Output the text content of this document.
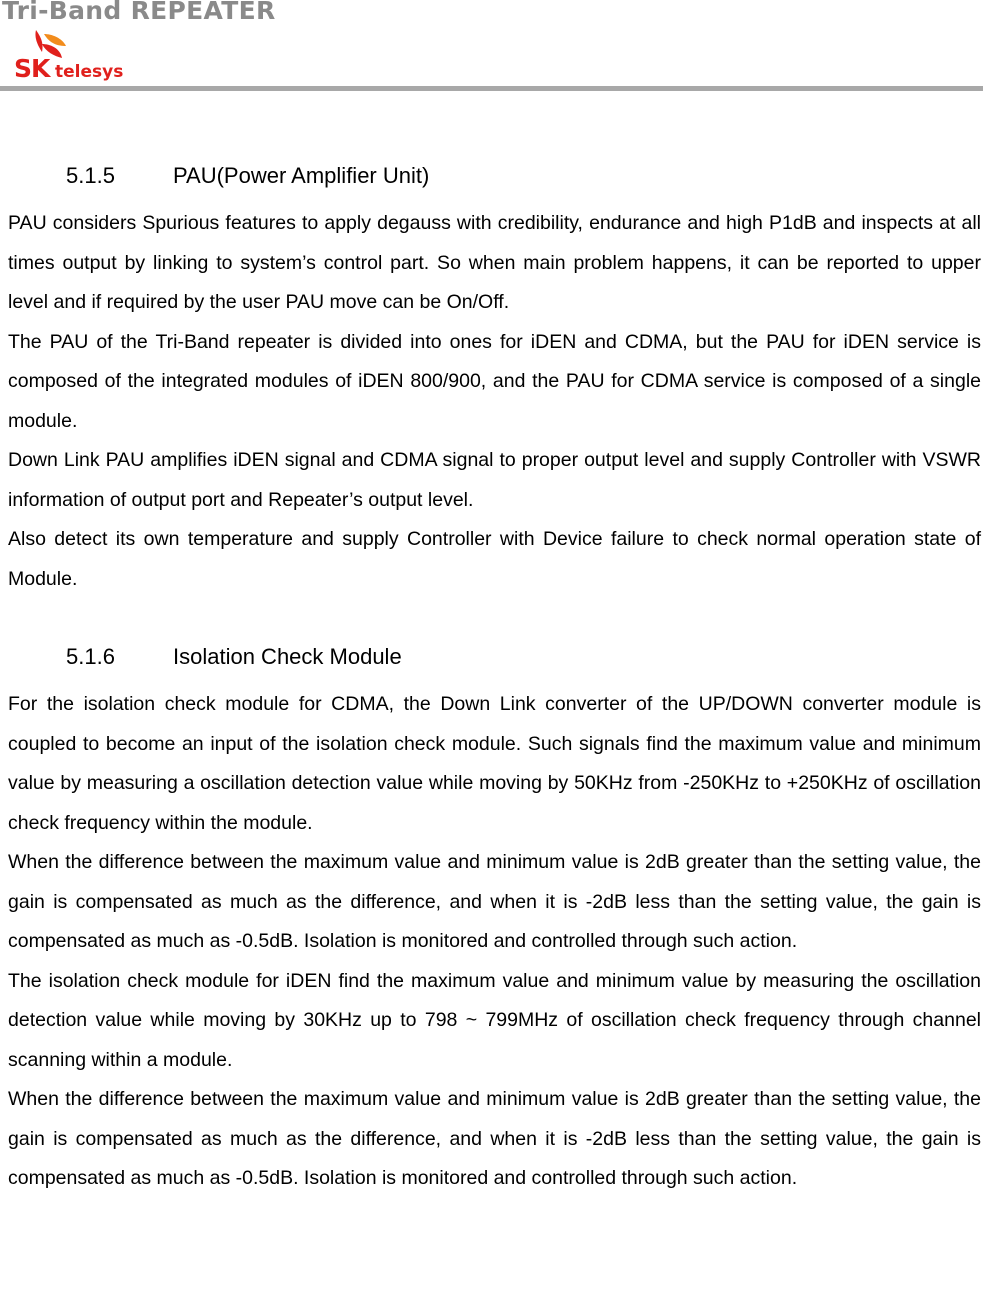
Tri-Band REPEATER
SK telesys
5.1.5	PAU(Power Amplifier Unit)

PAU considers Spurious features to apply degauss with credibility, endurance and high P1dB and inspects at all times output by linking to system’s control part. So when main problem happens, it can be reported to upper level and if required by the user PAU move can be On/Off.

The PAU of the Tri-Band repeater is divided into ones for iDEN and CDMA, but the PAU for iDEN service is composed of the integrated modules of iDEN 800/900, and the PAU for CDMA service is composed of a single module.

Down Link PAU amplifies iDEN signal and CDMA signal to proper output level and supply Controller with VSWR information of output port and Repeater’s output level.

Also detect its own temperature and supply Controller with Device failure to check normal operation state of Module.

5.1.6	Isolation Check Module

For the isolation check module for CDMA, the Down Link converter of the UP/DOWN converter module is coupled to become an input of the isolation check module. Such signals find the maximum value and minimum value by measuring a oscillation detection value while moving by 50KHz from -250KHz to +250KHz of oscillation check frequency within the module.

When the difference between the maximum value and minimum value is 2dB greater than the setting value, the gain is compensated as much as the difference, and when it is -2dB less than the setting value, the gain is compensated as much as -0.5dB. Isolation is monitored and controlled through such action.

The isolation check module for iDEN find the maximum value and minimum value by measuring the oscillation detection value while moving by 30KHz up to 798 ~ 799MHz of oscillation check frequency through channel scanning within a module.

When the difference between the maximum value and minimum value is 2dB greater than the setting value, the gain is compensated as much as the difference, and when it is -2dB less than the setting value, the gain is compensated as much as -0.5dB. Isolation is monitored and controlled through such action.
